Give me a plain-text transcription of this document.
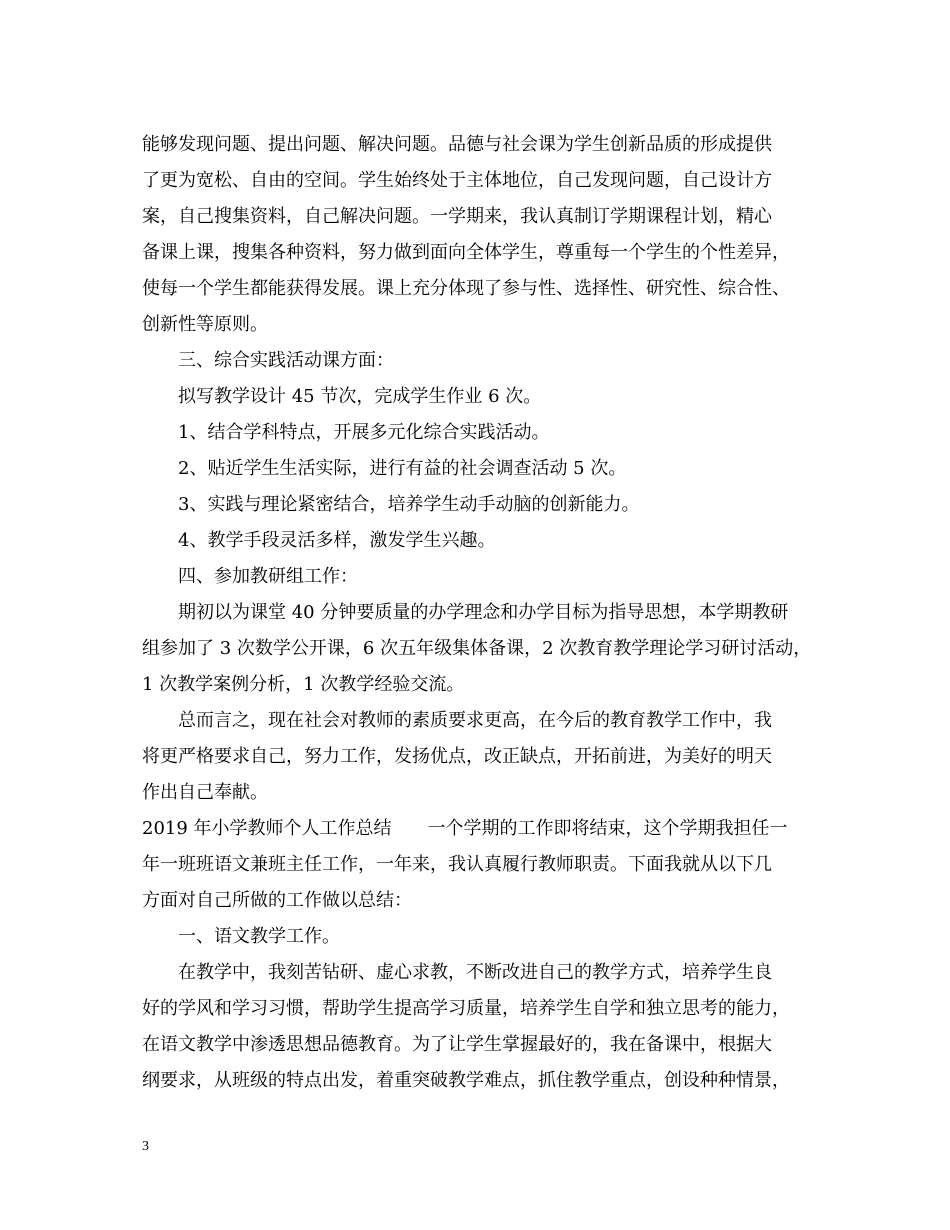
能够发现问题、提出问题、解决问题。品德与社会课为学生创新品质的形成提供
了更为宽松、自由的空间。学生始终处于主体地位，自己发现问题，自己设计方
案，自己搜集资料，自己解决问题。一学期来，我认真制订学期课程计划，精心
备课上课，搜集各种资料，努力做到面向全体学生，尊重每一个学生的个性差异，
使每一个学生都能获得发展。课上充分体现了参与性、选择性、研究性、综合性、
创新性等原则。
三、综合实践活动课方面：
拟写教学设计 45 节次，完成学生作业 6 次。
1、结合学科特点，开展多元化综合实践活动。
2、贴近学生生活实际，进行有益的社会调查活动 5 次。
3、实践与理论紧密结合，培养学生动手动脑的创新能力。
4、教学手段灵活多样，激发学生兴趣。
四、参加教研组工作：
期初以为课堂 40 分钟要质量的办学理念和办学目标为指导思想，本学期教研
组参加了 3 次数学公开课，6 次五年级集体备课，2 次教育教学理论学习研讨活动，
1 次教学案例分析，1 次教学经验交流。
总而言之，现在社会对教师的素质要求更高，在今后的教育教学工作中，我
将更严格要求自己，努力工作，发扬优点，改正缺点，开拓前进，为美好的明天
作出自己奉献。
2019 年小学教师个人工作总结　　一个学期的工作即将结束，这个学期我担任一
年一班班语文兼班主任工作，一年来，我认真履行教师职责。下面我就从以下几
方面对自己所做的工作做以总结：
一、语文教学工作。
在教学中，我刻苦钻研、虚心求教，不断改进自己的教学方式，培养学生良
好的学风和学习习惯，帮助学生提高学习质量，培养学生自学和独立思考的能力，
在语文教学中渗透思想品德教育。为了让学生掌握最好的，我在备课中，根据大
纲要求，从班级的特点出发，着重突破教学难点，抓住教学重点，创设种种情景，
3
